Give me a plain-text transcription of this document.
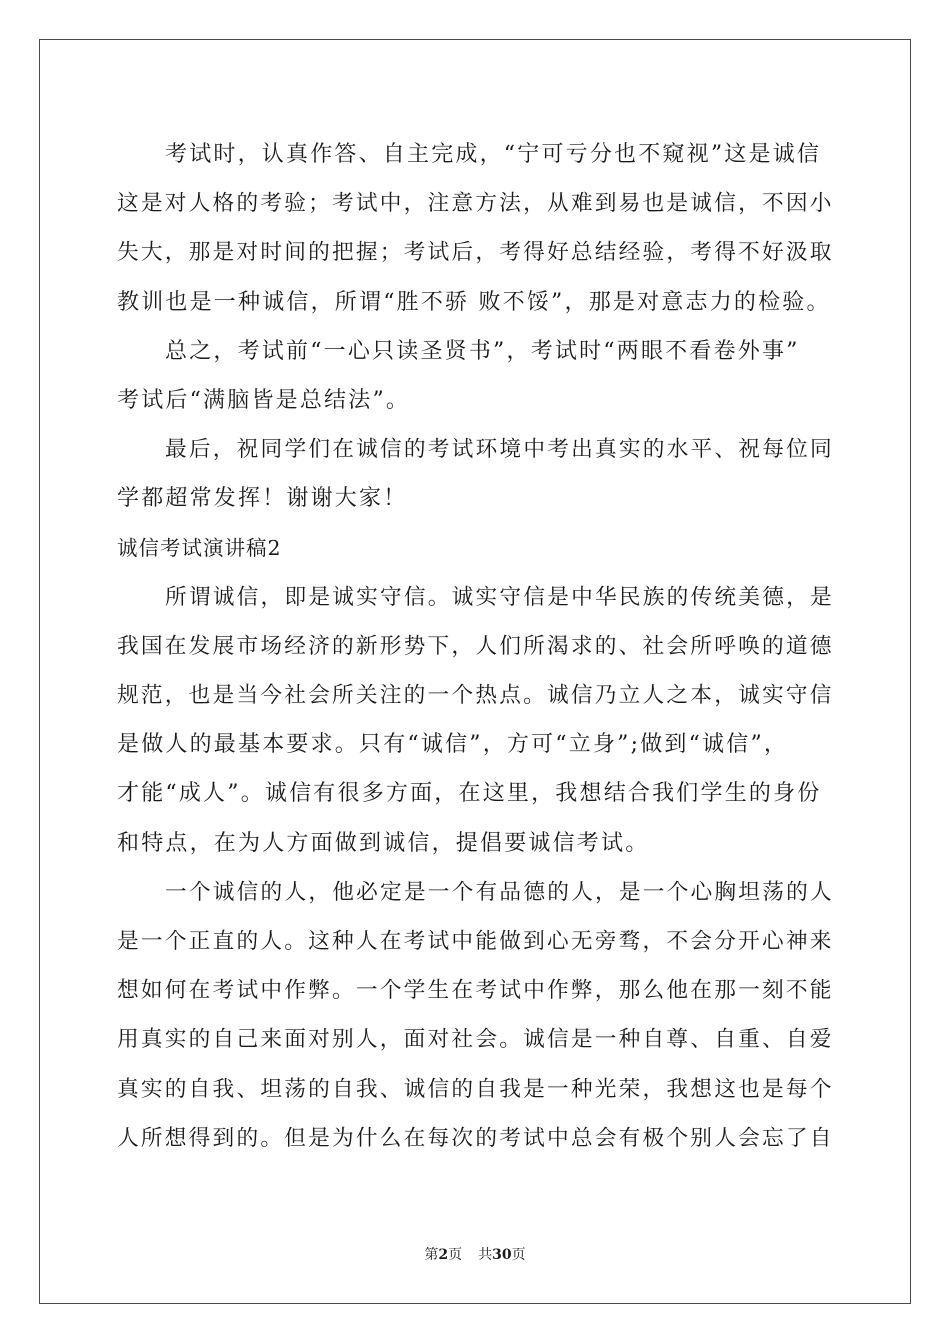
考试时，认真作答、自主完成，“宁可亏分也不窥视”这是诚信
这是对人格的考验；考试中，注意方法，从难到易也是诚信，不因小
失大，那是对时间的把握；考试后，考得好总结经验，考得不好汲取
教训也是一种诚信，所谓“胜不骄 败不馁”，那是对意志力的检验。
总之，考试前“一心只读圣贤书”，考试时“两眼不看卷外事”
考试后“满脑皆是总结法”。
最后，祝同学们在诚信的考试环境中考出真实的水平、祝每位同
学都超常发挥！谢谢大家！
诚信考试演讲稿2
所谓诚信，即是诚实守信。诚实守信是中华民族的传统美德，是
我国在发展市场经济的新形势下，人们所渴求的、社会所呼唤的道德
规范，也是当今社会所关注的一个热点。诚信乃立人之本，诚实守信
是做人的最基本要求。只有“诚信”，方可“立身”;做到“诚信”，
才能“成人”。诚信有很多方面，在这里，我想结合我们学生的身份
和特点，在为人方面做到诚信，提倡要诚信考试。
一个诚信的人，他必定是一个有品德的人，是一个心胸坦荡的人
是一个正直的人。这种人在考试中能做到心无旁骛，不会分开心神来
想如何在考试中作弊。一个学生在考试中作弊，那么他在那一刻不能
用真实的自己来面对别人，面对社会。诚信是一种自尊、自重、自爱
真实的自我、坦荡的自我、诚信的自我是一种光荣，我想这也是每个
人所想得到的。但是为什么在每次的考试中总会有极个别人会忘了自
第2页 共30页
